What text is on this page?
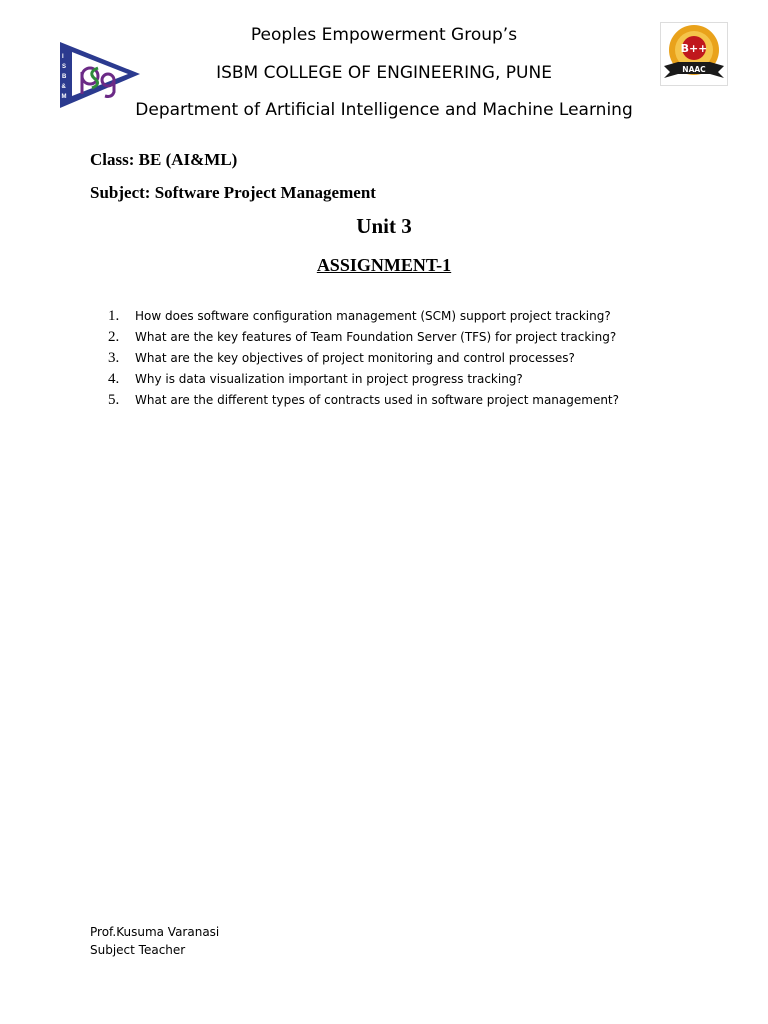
I
S
B
&
M
B++
NAAC
Peoples Empowerment Group’s
ISBM COLLEGE OF ENGINEERING, PUNE
Department of Artificial Intelligence and Machine Learning
Class: BE (AI&ML)
Subject: Software Project Management
Unit 3
ASSIGNMENT-1
1.	How does software configuration management (SCM) support project tracking?
2.	What are the key features of Team Foundation Server (TFS) for project tracking?
3.	What are the key objectives of project monitoring and control processes?
4.	Why is data visualization important in project progress tracking?
5.	What are the different types of contracts used in software project management?
Prof.Kusuma Varanasi
Subject Teacher
